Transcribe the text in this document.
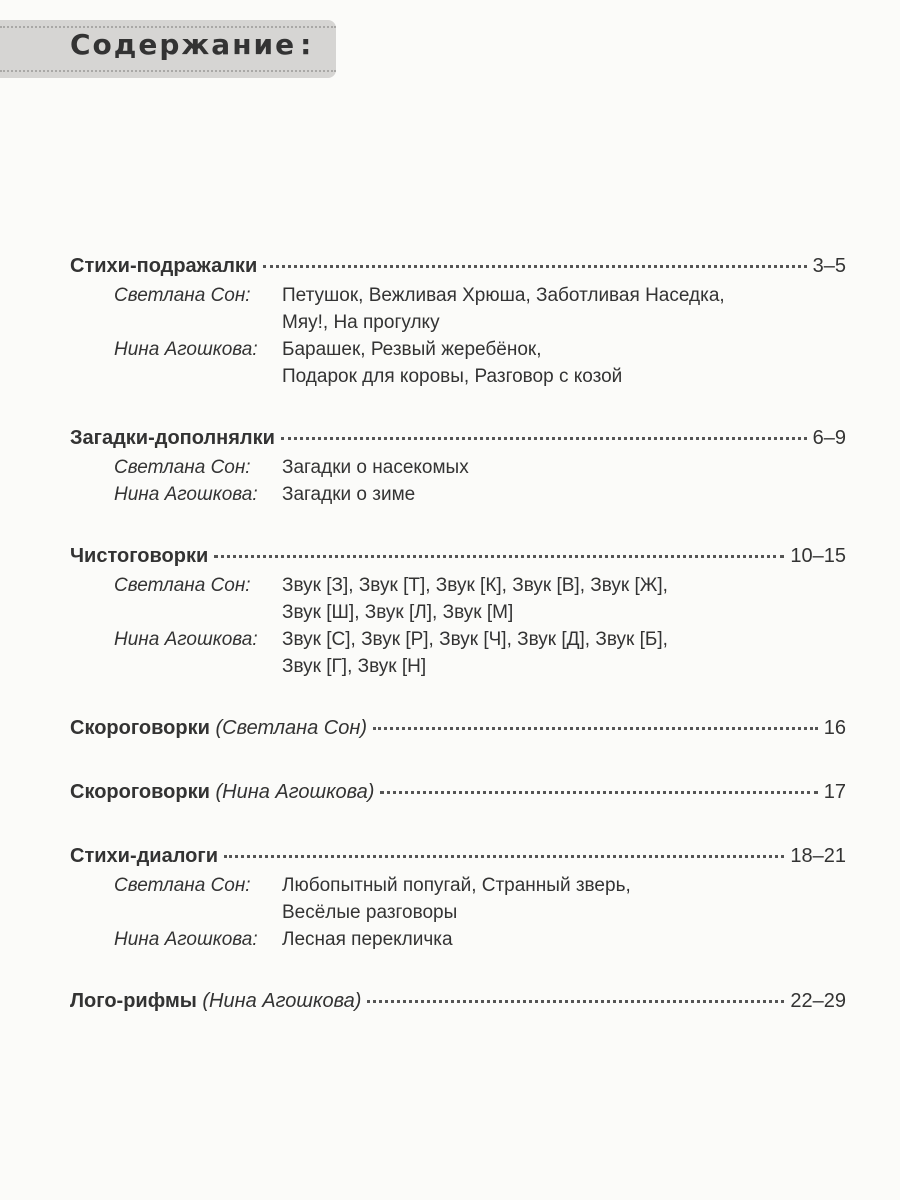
Содержание :
Стихи-подражалки	3–5
Светлана Сон:	Петушок, Вежливая Хрюша, Заботливая Наседка,
Мяу!, На прогулку
Нина Агошкова:	Барашек, Резвый жеребёнок,
Подарок для коровы, Разговор с козой
Загадки-дополнялки	6–9
Светлана Сон:	Загадки о насекомых
Нина Агошкова:	Загадки о зиме
Чистоговорки	10–15
Светлана Сон:	Звук [З], Звук [Т], Звук [К], Звук [В], Звук [Ж],
Звук [Ш], Звук [Л], Звук [М]
Нина Агошкова:	Звук [С], Звук [Р], Звук [Ч], Звук [Д], Звук [Б],
Звук [Г], Звук [Н]
Скороговорки (Светлана Сон)	16
Скороговорки (Нина Агошкова)	17
Стихи-диалоги	18–21
Светлана Сон:	Любопытный попугай, Странный зверь,
Весёлые разговоры
Нина Агошкова:	Лесная перекличка
Лого-рифмы (Нина Агошкова)	22–29
